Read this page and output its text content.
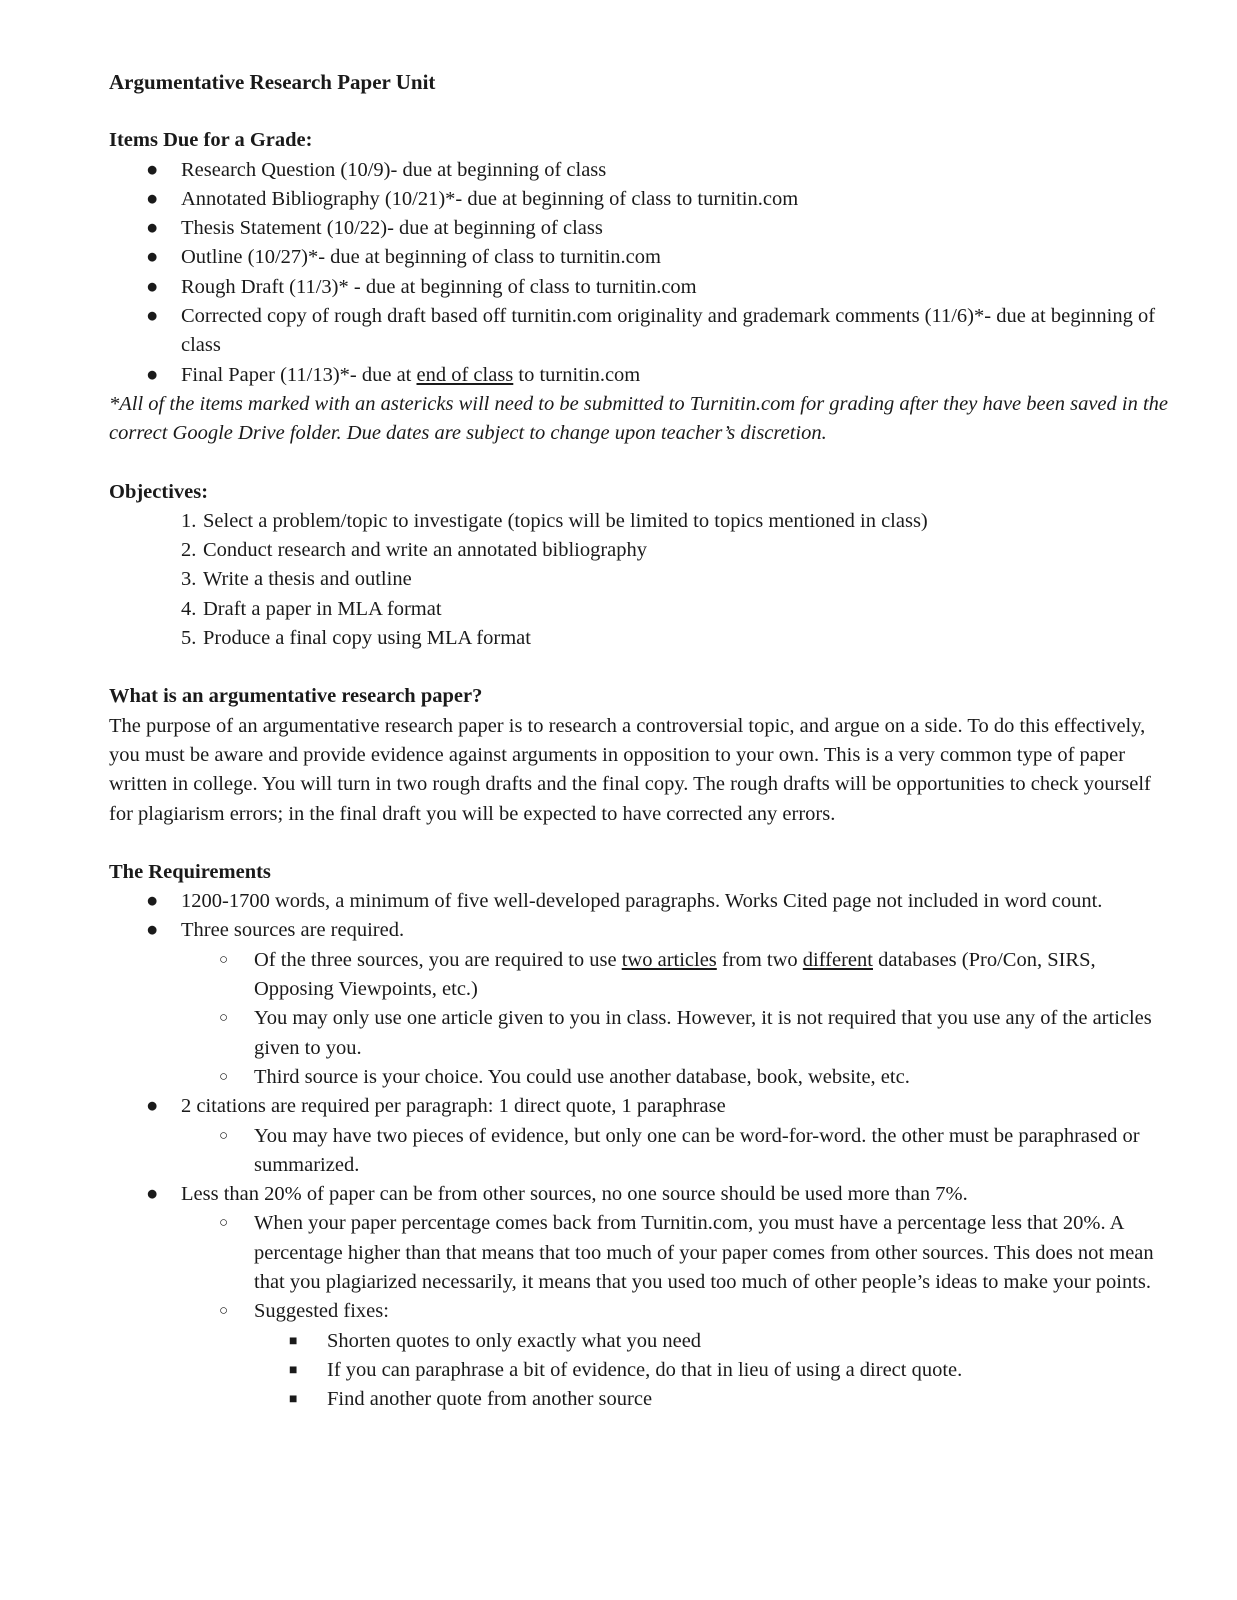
Argumentative Research Paper Unit
Items Due for a Grade:
● Research Question (10/9)- due at beginning of class
● Annotated Bibliography (10/21)*- due at beginning of class to turnitin.com
● Thesis Statement (10/22)- due at beginning of class
● Outline (10/27)*- due at beginning of class to turnitin.com
● Rough Draft (11/3)* - due at beginning of class to turnitin.com
● Corrected copy of rough draft based off turnitin.com originality and grademark comments (11/6)*- due at beginning of class
● Final Paper (11/13)*- due at end of class to turnitin.com

*All of the items marked with an astericks will need to be submitted to Turnitin.com for grading after they have been saved in the correct Google Drive folder. Due dates are subject to change upon teacher’s discretion.

Objectives:
1. Select a problem/topic to investigate (topics will be limited to topics mentioned in class)
2. Conduct research and write an annotated bibliography
3. Write a thesis and outline
4. Draft a paper in MLA format
5. Produce a final copy using MLA format
What is an argumentative research paper?

The purpose of an argumentative research paper is to research a controversial topic, and argue on a side. To do this effectively, you must be aware and provide evidence against arguments in opposition to your own. This is a very common type of paper written in college. You will turn in two rough drafts and the final copy. The rough drafts will be opportunities to check yourself for plagiarism errors; in the final draft you will be expected to have corrected any errors.

The Requirements
● 1200-1700 words, a minimum of five well-developed paragraphs. Works Cited page not included in word count.
● Three sources are required.
○ Of the three sources, you are required to use two articles from two different databases (Pro/Con, SIRS, Opposing Viewpoints, etc.)
○ You may only use one article given to you in class. However, it is not required that you use any of the articles given to you.
○ Third source is your choice. You could use another database, book, website, etc.
● 2 citations are required per paragraph: 1 direct quote, 1 paraphrase
○ You may have two pieces of evidence, but only one can be word-for-word. the other must be paraphrased or summarized.
● Less than 20% of paper can be from other sources, no one source should be used more than 7%.
○ When your paper percentage comes back from Turnitin.com, you must have a percentage less that 20%. A percentage higher than that means that too much of your paper comes from other sources. This does not mean that you plagiarized necessarily, it means that you used too much of other people’s ideas to make your points.
○ Suggested fixes:
■ Shorten quotes to only exactly what you need
■ If you can paraphrase a bit of evidence, do that in lieu of using a direct quote.
■ Find another quote from another source
